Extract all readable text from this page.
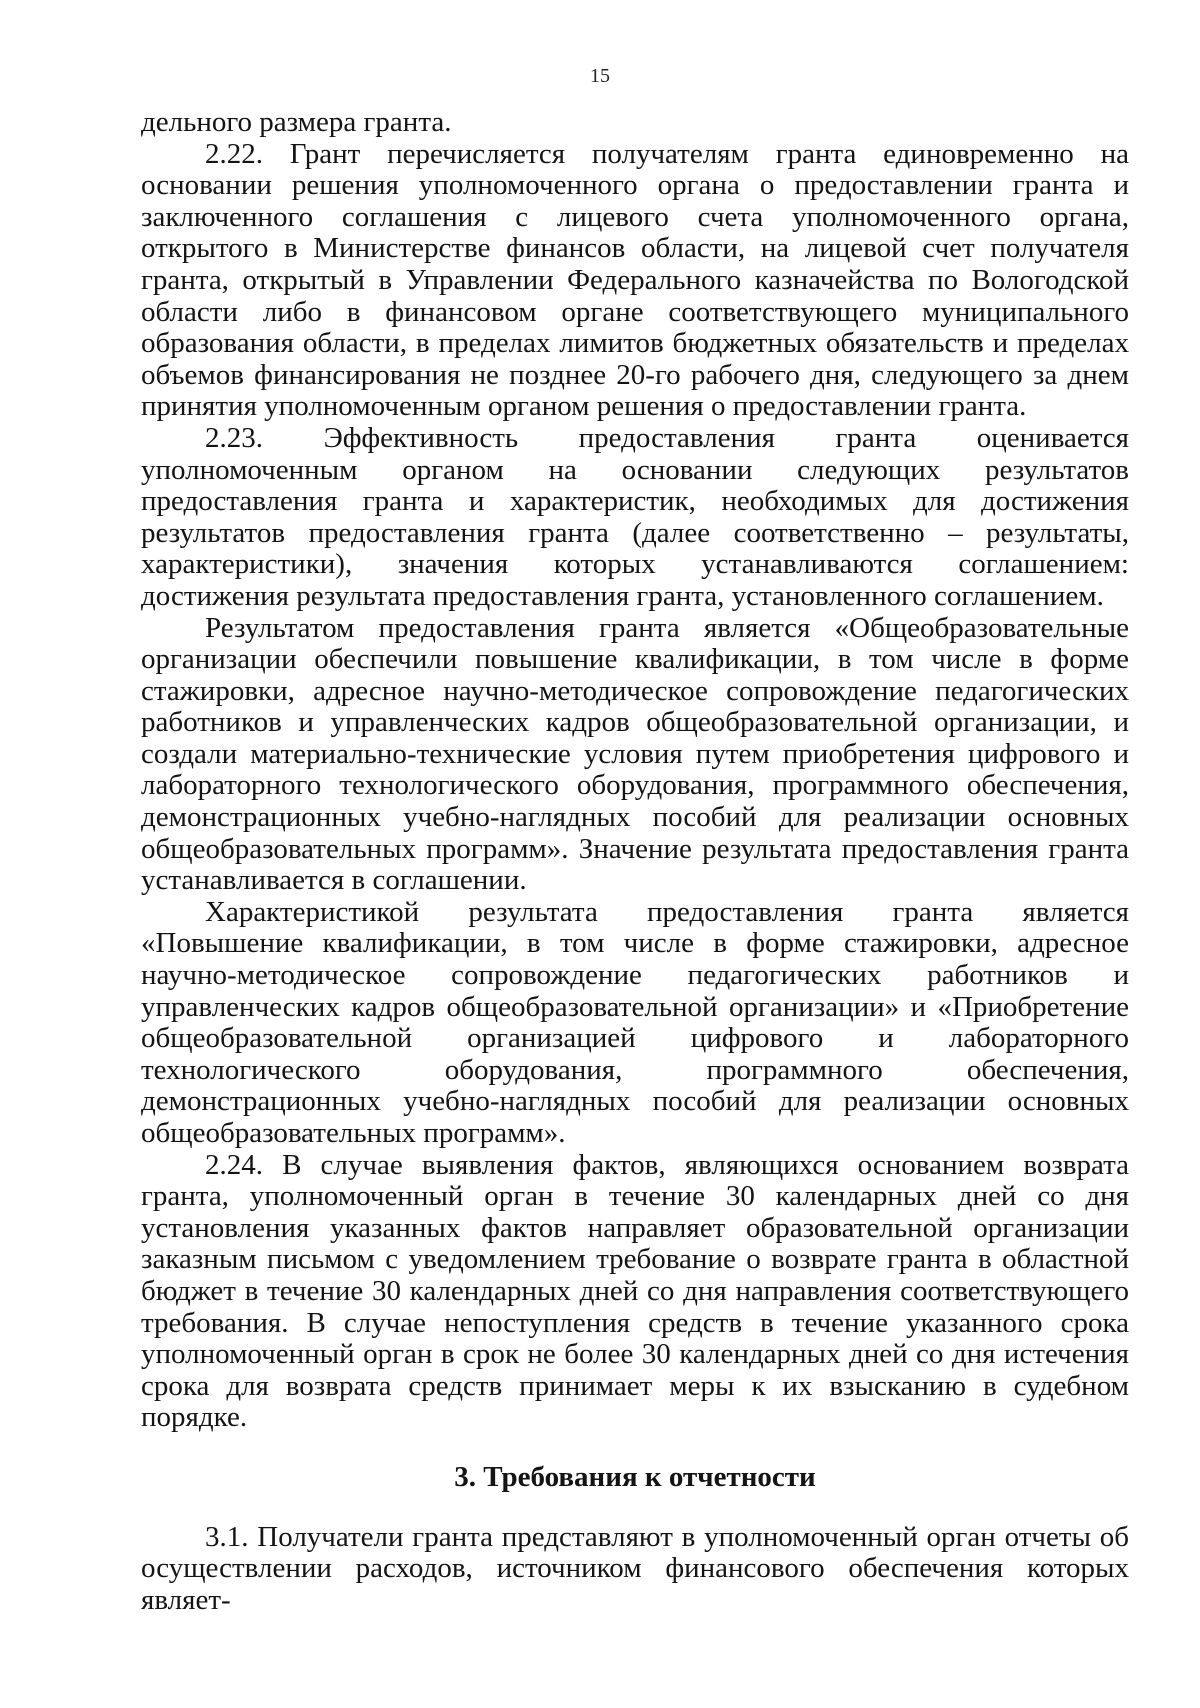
15

дельного размера гранта.

2.22. Грант перечисляется получателям гранта единовременно на основании решения уполномоченного органа о предоставлении гранта и заключенного соглашения с лицевого счета уполномоченного органа, открытого в Министерстве финансов области, на лицевой счет получателя гранта, открытый в Управлении Федерального казначейства по Вологодской области либо в финансовом органе соответствующего муниципального образования области, в пределах лимитов бюджетных обязательств и пределах объемов финансирования не позднее 20-го рабочего дня, следующего за днем принятия уполномоченным органом решения о предоставлении гранта.

2.23. Эффективность предоставления гранта оценивается уполномоченным органом на основании следующих результатов предоставления гранта и характеристик, необходимых для достижения результатов предоставления гранта (далее соответственно – результаты, характеристики), значения которых устанавливаются соглашением: достижения результата предоставления гранта, установленного соглашением.

Результатом предоставления гранта является «Общеобразовательные организации обеспечили повышение квалификации, в том числе в форме стажировки, адресное научно-методическое сопровождение педагогических работников и управленческих кадров общеобразовательной организации, и создали материально-технические условия путем приобретения цифрового и лабораторного технологического оборудования, программного обеспечения, демонстрационных учебно-наглядных пособий для реализации основных общеобразовательных программ». Значение результата предоставления гранта устанавливается в соглашении.

Характеристикой результата предоставления гранта является «Повышение квалификации, в том числе в форме стажировки, адресное научно-методическое сопровождение педагогических работников и управленческих кадров общеобразовательной организации» и «Приобретение общеобразовательной организацией цифрового и лабораторного технологического оборудования, программного обеспечения, демонстрационных учебно-наглядных пособий для реализации основных общеобразовательных программ».

2.24. В случае выявления фактов, являющихся основанием возврата гранта, уполномоченный орган в течение 30 календарных дней со дня установления указанных фактов направляет образовательной организации заказным письмом с уведомлением требование о возврате гранта в областной бюджет в течение 30 календарных дней со дня направления соответствующего требования. В случае непоступления средств в течение указанного срока уполномоченный орган в срок не более 30 календарных дней со дня истечения срока для возврата средств принимает меры к их взысканию в судебном порядке.

3. Требования к отчетности

3.1. Получатели гранта представляют в уполномоченный орган отчеты об осуществлении расходов, источником финансового обеспечения которых являет-
